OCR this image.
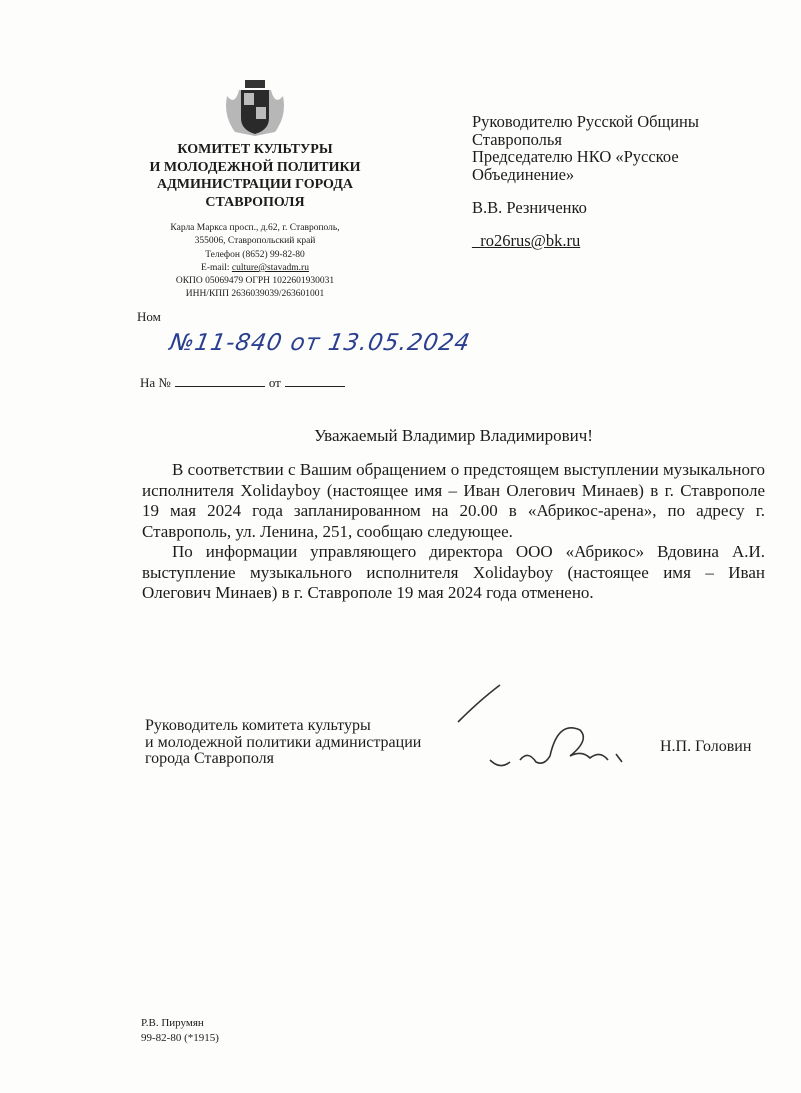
КОМИТЕТ КУЛЬТУРЫ
И МОЛОДЕЖНОЙ ПОЛИТИКИ
АДМИНИСТРАЦИИ ГОРОДА
СТАВРОПОЛЯ
Карла Маркса просп., д.62, г. Ставрополь,
355006, Ставропольский край
Телефон (8652) 99-82-80
E-mail: culture@stavadm.ru
ОКПО 05069479 ОГРН 1022601930031
ИНН/КПП 2636039039/263601001
Ном
№11-840 от 13.05.2024
На №	от
Руководителю Русской Общины
Ставрополья
Председателю НКО «Русское
Объединение»
В.В. Резниченко
_ro26rus@bk.ru
Уважаемый Владимир Владимирович!

В соответствии с Вашим обращением о предстоящем выступлении музыкального исполнителя Xolidayboy (настоящее имя – Иван Олегович Минаев) в г. Ставрополе 19 мая 2024 года запланированном на 20.00 в «Абрикос-арена», по адресу г. Ставрополь, ул. Ленина, 251, сообщаю следующее.

По информации управляющего директора ООО «Абрикос» Вдовина А.И. выступление музыкального исполнителя Xolidayboy (настоящее имя – Иван Олегович Минаев) в г. Ставрополе 19 мая 2024 года отменено.

Руководитель комитета культуры
и молодежной политики администрации
города Ставрополя
Н.П. Головин
Р.В. Пирумян
99-82-80 (*1915)
